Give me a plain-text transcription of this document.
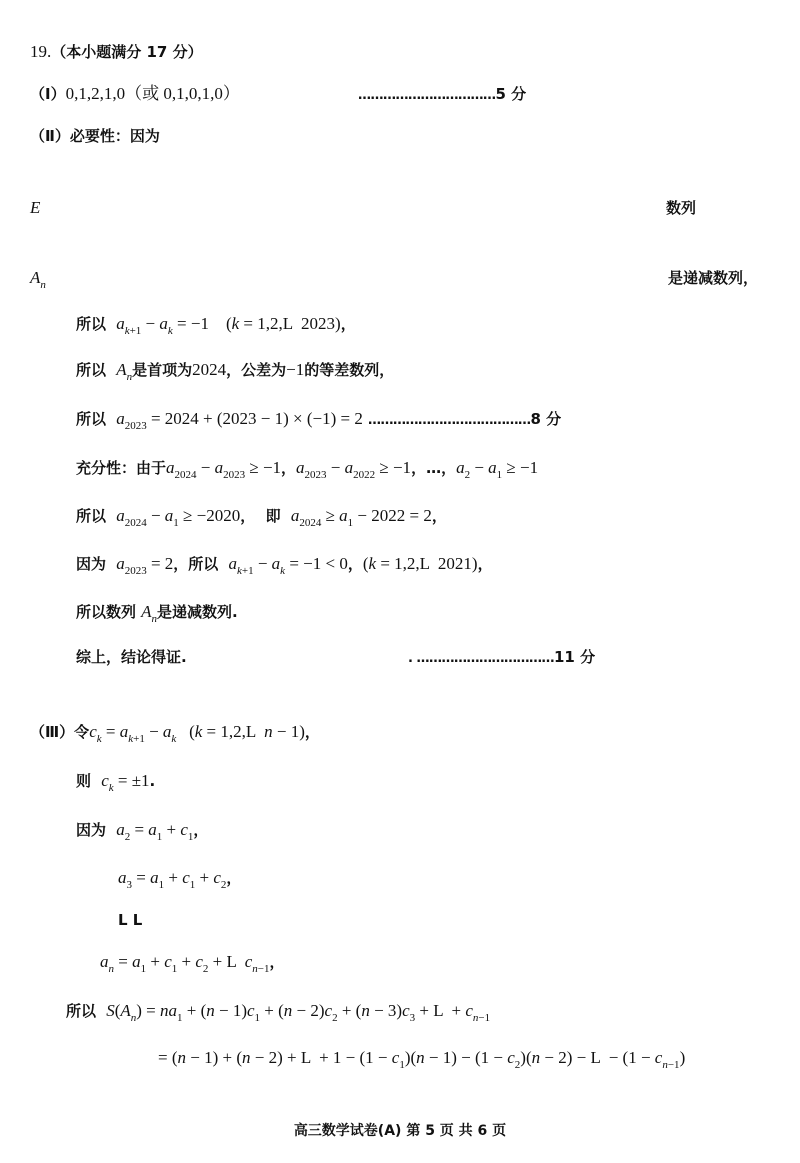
19.（本小题满分 17 分）
（Ⅰ）0,1,2,1,0（或 0,1,0,1,0）	……………………………5 分
（Ⅱ）必要性：因为
E	数列
$A_n$	是递减数列，
所以 $a_{k+1} - a_k = -1$    (k = 1,2,L  2023)，
所以 $A_n$是首项为2024，公差为−1的等差数列，
所以 $a_{2023} = 2024 + (2023 - 1) \times (-1) = 2$ …………………………………8 分
充分性：由于$a_{2024} - a_{2023} \ge -1$，$a_{2023} - a_{2022} \ge -1$，…，$a_2 - a_1 \ge -1$
所以 $a_{2024} - a_1 \ge -2020$，  即 $a_{2024} \ge a_1 - 2022 = 2$，
因为 $a_{2023} = 2$，所以 $a_{k+1} - a_k = -1 < 0$，(k = 1,2,L  2021)，
所以数列 $A_n$是递减数列.
综上，结论得证.	. ……………………………11 分
（Ⅲ）令$c_k = a_{k+1} - a_k$   (k = 1,2,L  n − 1)，
则 $c_k = \pm 1$.
因为 $a_2 = a_1 + c_1$，
$a_3 = a_1 + c_1 + c_2$，
L L
$a_n = a_1 + c_1 + c_2 + L$  $c_{n-1}$，
所以 $S(A_n) = na_1 + (n - 1)c_1 + (n - 2)c_2 + (n - 3)c_3 + L + c_{n-1}$
= $(n - 1) + (n - 2) + L + 1 - (1 - c_1)(n - 1) - (1 - c_2)(n - 2) - L - (1 - c_{n-1})$
高三数学试卷(A) 第 5 页 共 6 页
